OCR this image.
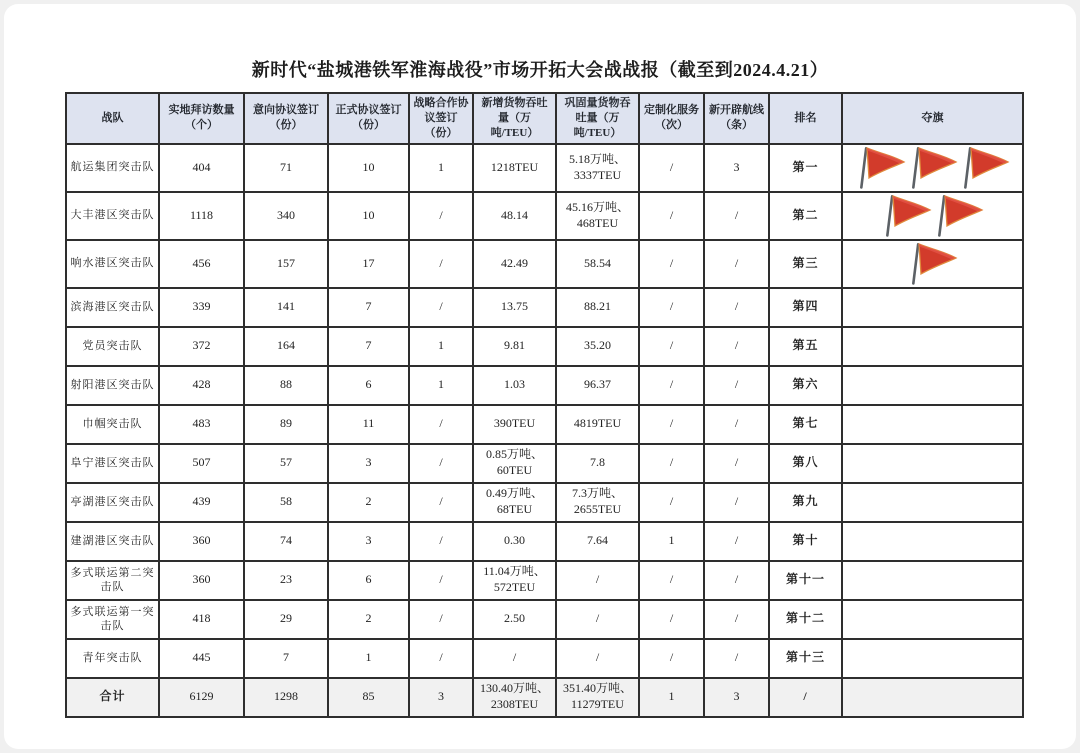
新时代“盐城港铁军淮海战役”市场开拓大会战战报（截至到2024.4.21）
战队	实地拜访数量（个）	意向协议签订（份）	正式协议签订（份）	战略合作协议签订（份）	新增货物吞吐量（万吨/TEU）	巩固量货物吞吐量（万吨/TEU）	定制化服务（次）	新开辟航线（条）	排名	夺旗
航运集团突击队	404	71	10	1	1218TEU	5.18万吨、3337TEU	/	3	第一	

大丰港区突击队	1118	340	10	/	48.14	45.16万吨、468TEU	/	/	第二	

响水港区突击队	456	157	17	/	42.49	58.54	/	/	第三	

滨海港区突击队	339	141	7	/	13.75	88.21	/	/	第四	
党员突击队	372	164	7	1	9.81	35.20	/	/	第五	
射阳港区突击队	428	88	6	1	1.03	96.37	/	/	第六	
巾帼突击队	483	89	11	/	390TEU	4819TEU	/	/	第七	
阜宁港区突击队	507	57	3	/	0.85万吨、60TEU	7.8	/	/	第八	
亭湖港区突击队	439	58	2	/	0.49万吨、68TEU	7.3万吨、2655TEU	/	/	第九	
建湖港区突击队	360	74	3	/	0.30	7.64	1	/	第十	
多式联运第二突击队	360	23	6	/	11.04万吨、572TEU	/	/	/	第十一	
多式联运第一突击队	418	29	2	/	2.50	/	/	/	第十二	
青年突击队	445	7	1	/	/	/	/	/	第十三	
合计	6129	1298	85	3	130.40万吨、2308TEU	351.40万吨、11279TEU	1	3	/	
